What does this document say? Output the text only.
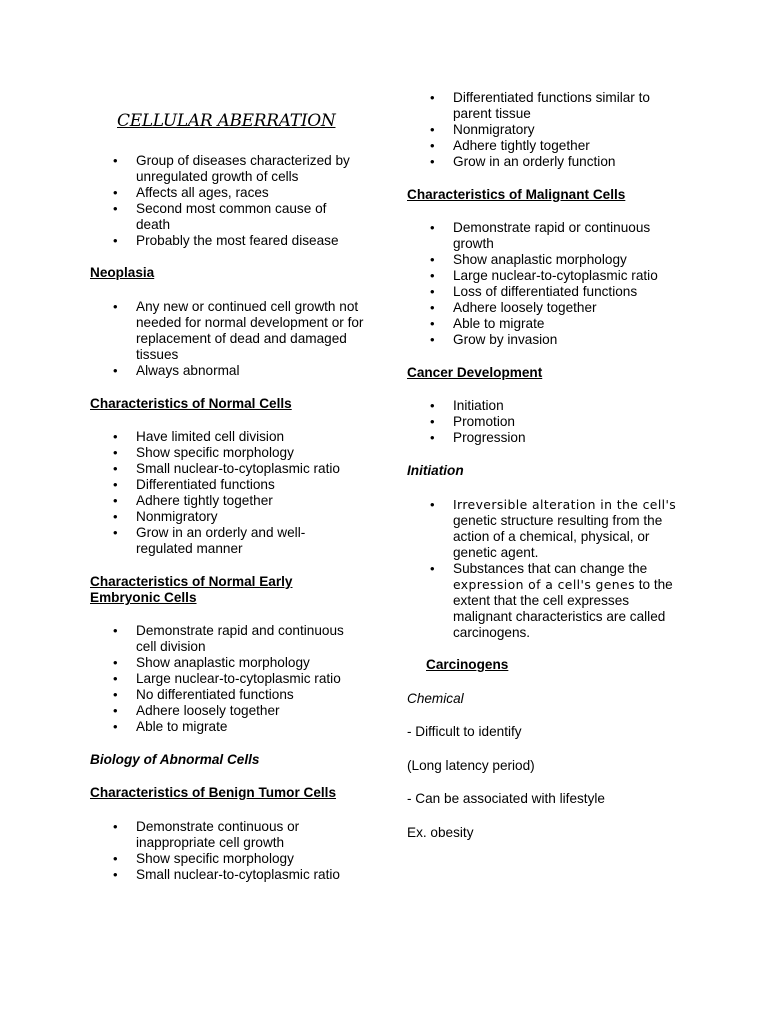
CELLULAR ABERRATION
• Group of diseases characterized by unregulated growth of cells
• Affects all ages, races
• Second most common cause of death
• Probably the most feared disease
Neoplasia
• Any new or continued cell growth not needed for normal development or for replacement of dead and damaged tissues
• Always abnormal
Characteristics of Normal Cells
• Have limited cell division
• Show specific morphology
• Small nuclear-to-cytoplasmic ratio
• Differentiated functions
• Adhere tightly together
• Nonmigratory
• Grow in an orderly and well-regulated manner
Characteristics of Normal Early Embryonic Cells
• Demonstrate rapid and continuous cell division
• Show anaplastic morphology
• Large nuclear-to-cytoplasmic ratio
• No differentiated functions
• Adhere loosely together
• Able to migrate
Biology of Abnormal Cells
Characteristics of Benign Tumor Cells
• Demonstrate continuous or inappropriate cell growth
• Show specific morphology
• Small nuclear-to-cytoplasmic ratio
• Differentiated functions similar to parent tissue
• Nonmigratory
• Adhere tightly together
• Grow in an orderly function
Characteristics of Malignant Cells
• Demonstrate rapid or continuous growth
• Show anaplastic morphology
• Large nuclear-to-cytoplasmic ratio
• Loss of differentiated functions
• Adhere loosely together
• Able to migrate
• Grow by invasion
Cancer Development
• Initiation
• Promotion
• Progression
Initiation
• Irreversible alteration in the cell's genetic structure resulting from the action of a chemical, physical, or genetic agent.
• Substances that can change the expression of a cell's genes to the extent that the cell expresses malignant characteristics are called carcinogens.
Carcinogens

Chemical

- Difficult to identify

(Long latency period)

- Can be associated with lifestyle

Ex. obesity
